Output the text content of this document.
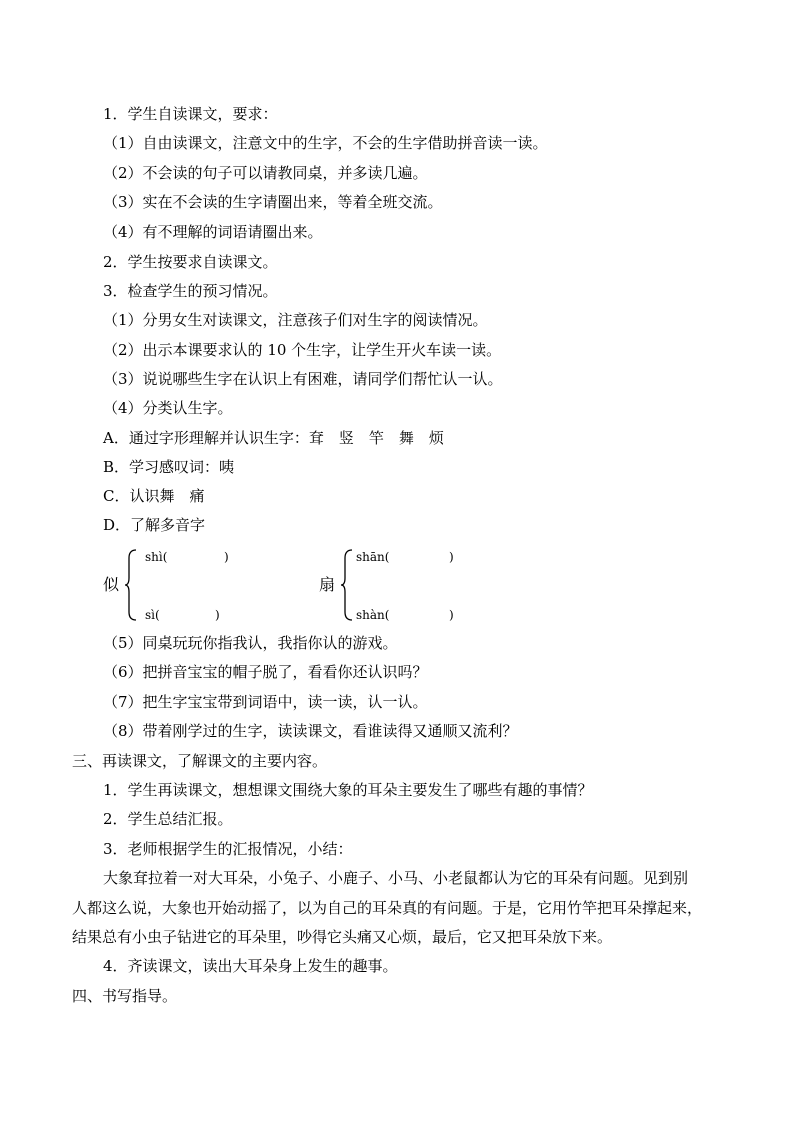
1．学生自读课文，要求：
（1）自由读课文，注意文中的生字，不会的生字借助拼音读一读。
（2）不会读的句子可以请教同桌，并多读几遍。
（3）实在不会读的生字请圈出来，等着全班交流。
（4）有不理解的词语请圈出来。
2．学生按要求自读课文。
3．检查学生的预习情况。
（1）分男女生对读课文，注意孩子们对生字的阅读情况。
（2）出示本课要求认的 10 个生字，让学生开火车读一读。
（3）说说哪些生字在认识上有困难，请同学们帮忙认一认。
（4）分类认生字。
A．通过字形理解并认识生字：耷　竖　竿　舞　烦
B．学习感叹词：咦
C．认识舞　痛
D．了解多音字
似
shì(	)
sì(	)
扇
shān(	)
shàn(	)
（5）同桌玩玩你指我认，我指你认的游戏。
（6）把拼音宝宝的帽子脱了，看看你还认识吗？
（7）把生字宝宝带到词语中，读一读，认一认。
（8）带着刚学过的生字，读读课文，看谁读得又通顺又流利？
三、再读课文，了解课文的主要内容。
1．学生再读课文，想想课文围绕大象的耳朵主要发生了哪些有趣的事情？
2．学生总结汇报。
3．老师根据学生的汇报情况，小结：
大象耷拉着一对大耳朵，小兔子、小鹿子、小马、小老鼠都认为它的耳朵有问题。见到别
人都这么说，大象也开始动摇了，以为自己的耳朵真的有问题。于是，它用竹竿把耳朵撑起来，
结果总有小虫子钻进它的耳朵里，吵得它头痛又心烦，最后，它又把耳朵放下来。
4．齐读课文，读出大耳朵身上发生的趣事。
四、书写指导。
